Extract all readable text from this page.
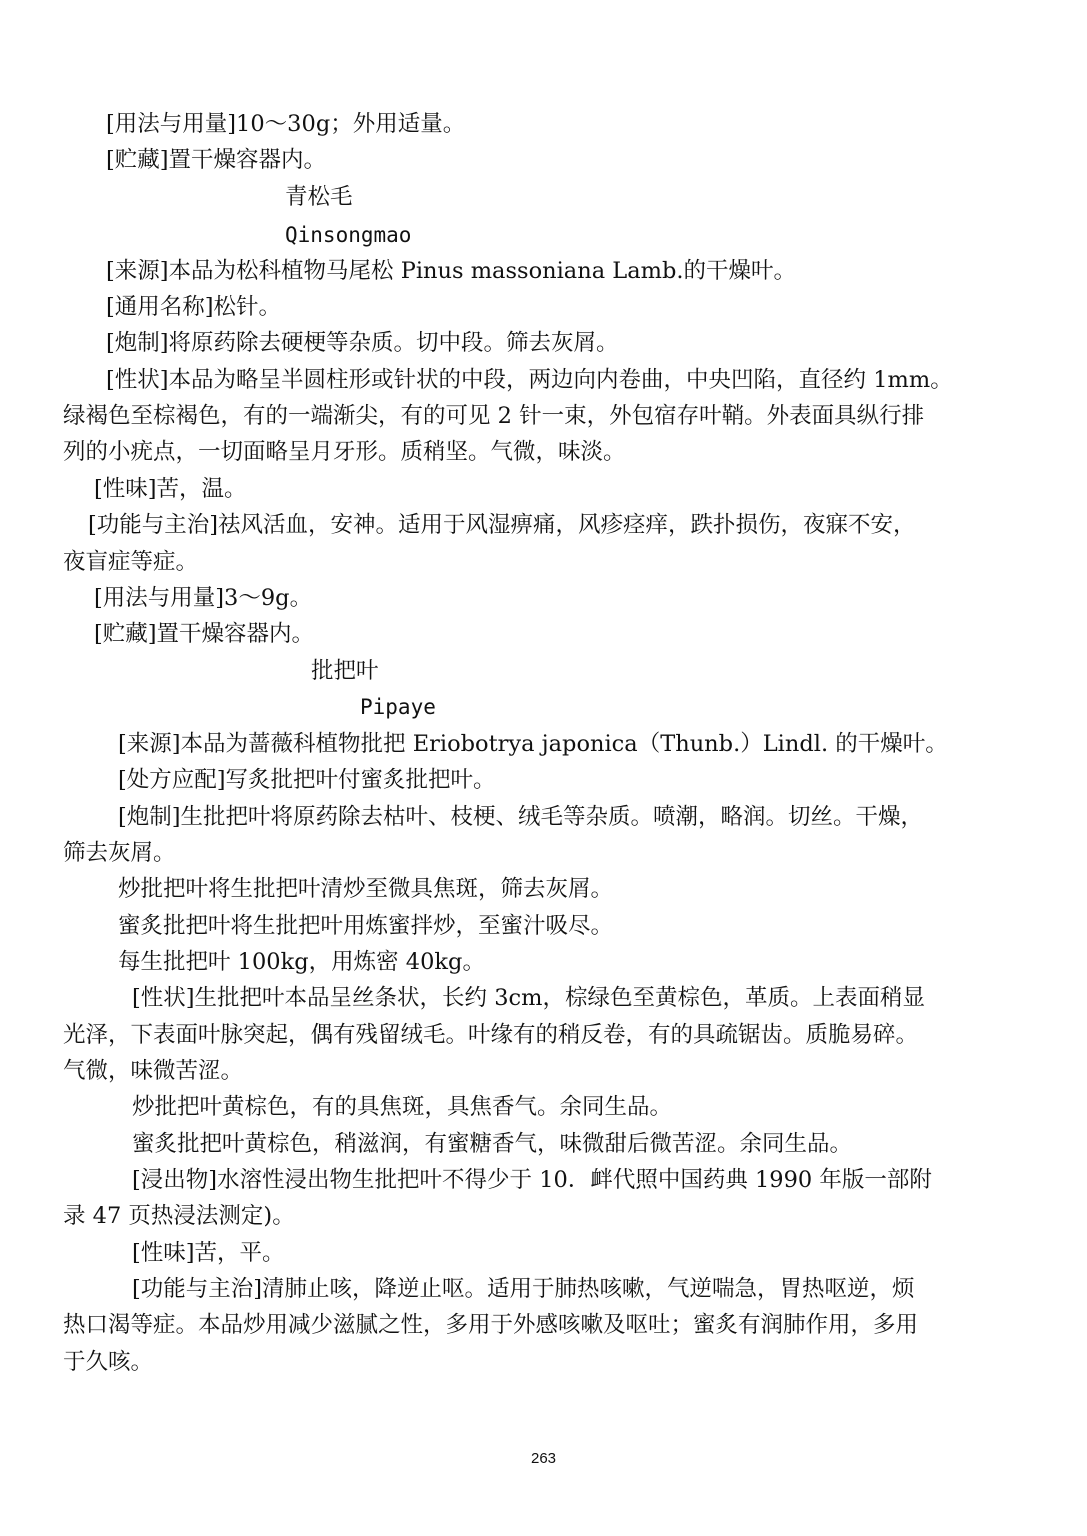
[用法与用量]10～30g；外用适量。
[贮藏]置干燥容器内。
青松毛
Qinsongmao
[来源]本品为松科植物马尾松 Pinus massoniana Lamb.的干燥叶。
[通用名称]松针。
[炮制]将原药除去硬梗等杂质。切中段。筛去灰屑。
[性状]本品为略呈半圆柱形或针状的中段，两边向内卷曲，中央凹陷，直径约 1mm。
绿褐色至棕褐色，有的一端渐尖，有的可见 2 针一束，外包宿存叶鞘。外表面具纵行排
列的小疣点，一切面略呈月牙形。质稍坚。气微，味淡。
[性味]苦，温。
[功能与主治]祛风活血，安神。适用于风湿痹痛，风疹痉痒，跌扑损伤，夜寐不安，
夜盲症等症。
[用法与用量]3～9g。
[贮藏]置干燥容器内。
批把叶
Pipaye
[来源]本品为蔷薇科植物批把 Eriobotrya japonica（Thunb.）Lindl. 的干燥叶。
[处方应配]写炙批把叶付蜜炙批把叶。
[炮制]生批把叶将原药除去枯叶、枝梗、绒毛等杂质。喷潮，略润。切丝。干燥，
筛去灰屑。
炒批把叶将生批把叶清炒至微具焦斑，筛去灰屑。
蜜炙批把叶将生批把叶用炼蜜拌炒，至蜜汁吸尽。
每生批把叶 100kg，用炼密 40kg。
[性状]生批把叶本品呈丝条状，长约 3cm，棕绿色至黄棕色，革质。上表面稍显
光泽，下表面叶脉突起，偶有残留绒毛。叶缘有的稍反卷，有的具疏锯齿。质脆易碎。
气微，味微苦涩。
炒批把叶黄棕色，有的具焦斑，具焦香气。余同生品。
蜜炙批把叶黄棕色，稍滋润，有蜜糖香气，味微甜后微苦涩。余同生品。
[浸出物]水溶性浸出物生批把叶不得少于 10．衅代照中国药典 1990 年版一部附
录 47 页热浸法测定)。
[性味]苦，平。
[功能与主治]清肺止咳，降逆止呕。适用于肺热咳嗽，气逆喘急，胃热呕逆，烦
热口渴等症。本品炒用减少滋腻之性，多用于外感咳嗽及呕吐；蜜炙有润肺作用，多用
于久咳。
263
